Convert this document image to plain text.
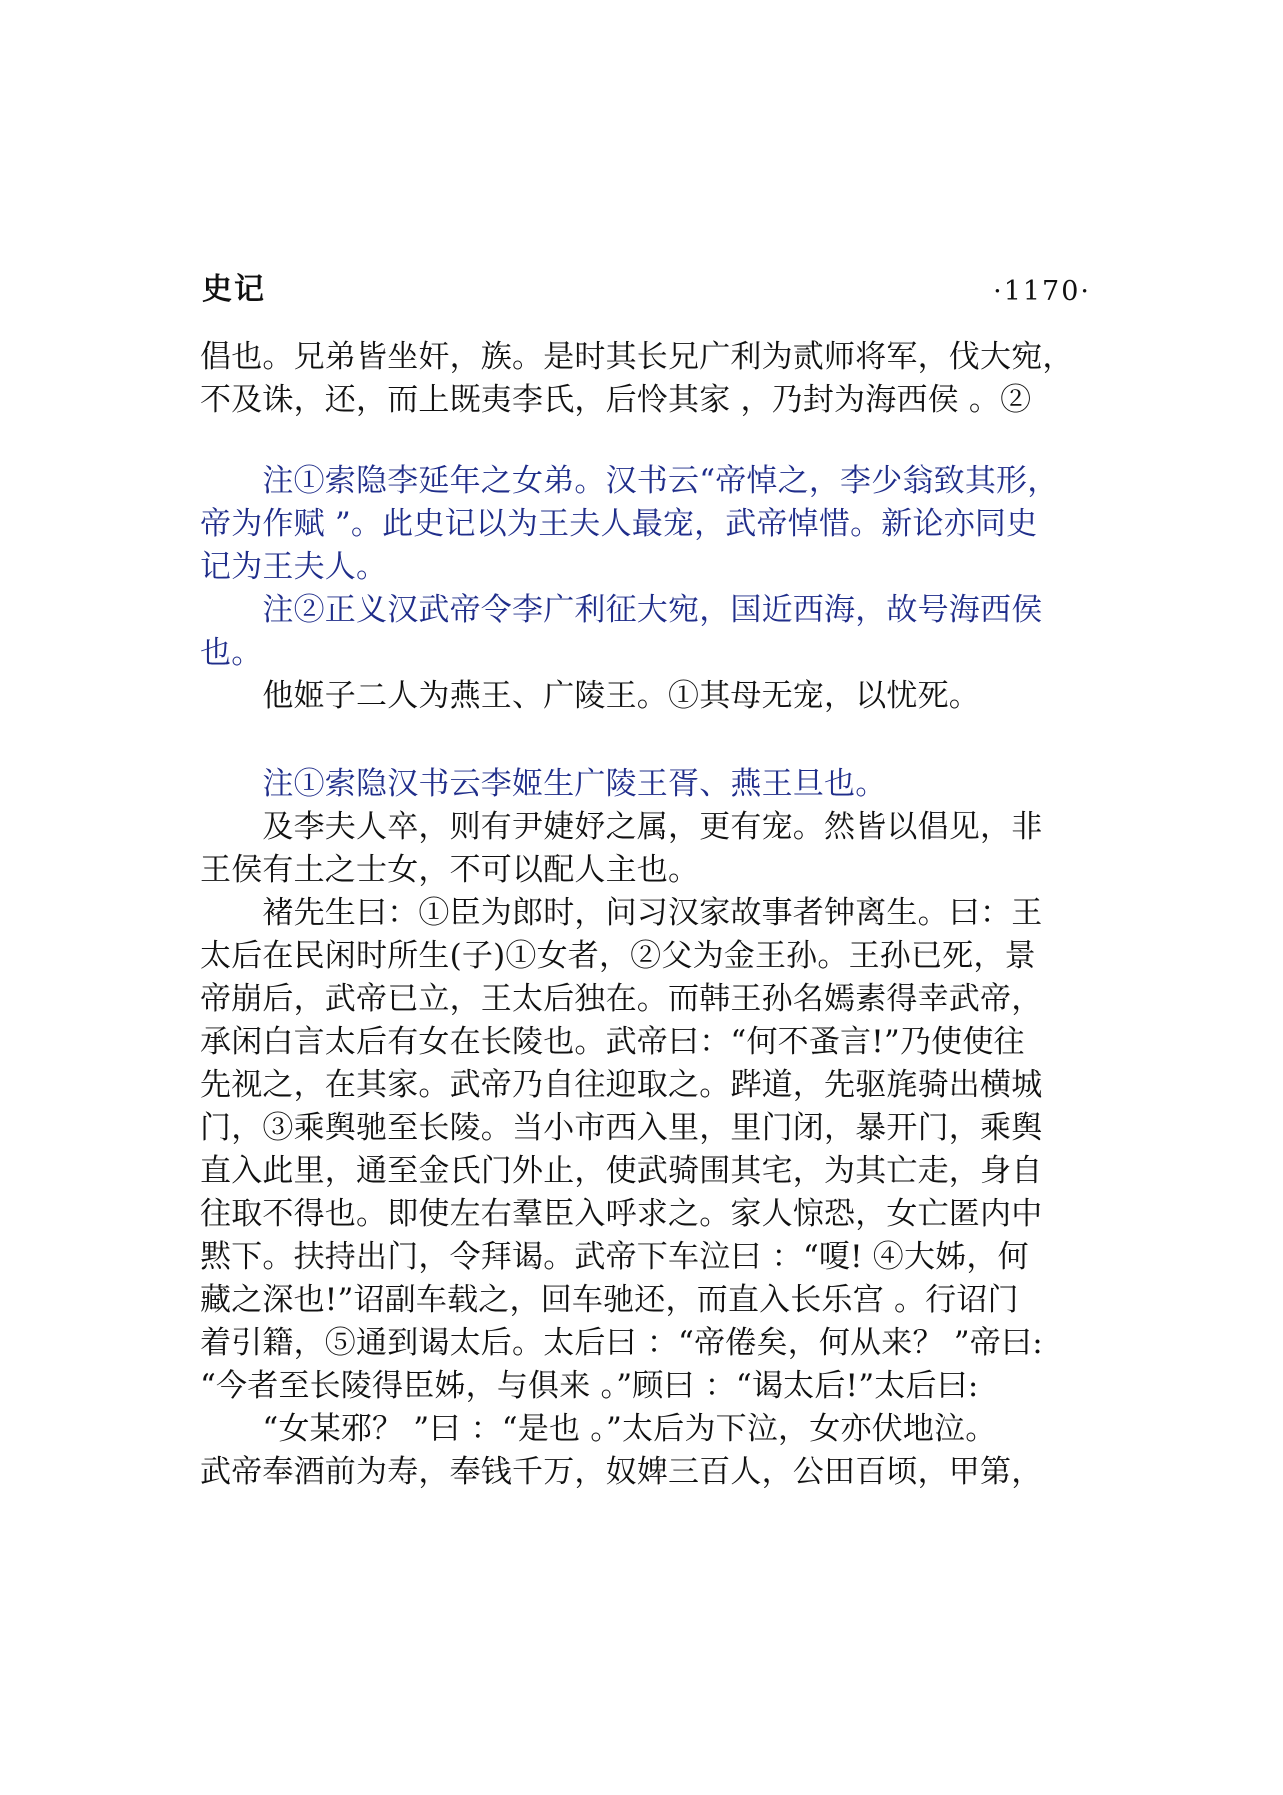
史记	·1170·
倡也。兄弟皆坐奸，族。是时其长兄广利为贰师将军，伐大宛，
不及诛，还，而上既夷李氏，后怜其家 ，乃封为海西侯 。②
　　注①索隐李延年之女弟。汉书云“帝悼之，李少翁致其形，
帝为作赋 ”。此史记以为王夫人最宠，武帝悼惜。新论亦同史
记为王夫人。
　　注②正义汉武帝令李广利征大宛，国近西海，故号海西侯
也。
　　他姬子二人为燕王、广陵王。①其母无宠，以忧死。
　　注①索隐汉书云李姬生广陵王胥、燕王旦也。
　　及李夫人卒，则有尹婕妤之属，更有宠。然皆以倡见，非
王侯有土之士女，不可以配人主也。
　　褚先生曰：①臣为郎时，问习汉家故事者钟离生。曰：王
太后在民闲时所生(子)①女者，②父为金王孙。王孙已死，景
帝崩后，武帝已立，王太后独在。而韩王孙名嫣素得幸武帝，
承闲白言太后有女在长陵也。武帝曰：“何不蚤言!”乃使使往
先视之，在其家。武帝乃自往迎取之。跸道，先驱旄骑出横城
门，③乘舆驰至长陵。当小市西入里，里门闭，暴开门，乘舆
直入此里，通至金氏门外止，使武骑围其宅，为其亡走，身自
往取不得也。即使左右羣臣入呼求之。家人惊恐，女亡匿内中
黙下。扶持出门，令拜谒。武帝下车泣曰 ：“嗄! ④大姊，何
藏之深也!”诏副车载之，回车驰还，而直入长乐宫 。行诏门
着引籍，⑤通到谒太后。太后曰 ：“帝倦矣，何从来？ ”帝曰:
“今者至长陵得臣姊，与俱来 。”顾曰 ：“谒太后!”太后曰:
　　“女某邪？ ”曰 ：“是也 。”太后为下泣，女亦伏地泣。
武帝奉酒前为寿，奉钱千万，奴婢三百人，公田百顷，甲第，
